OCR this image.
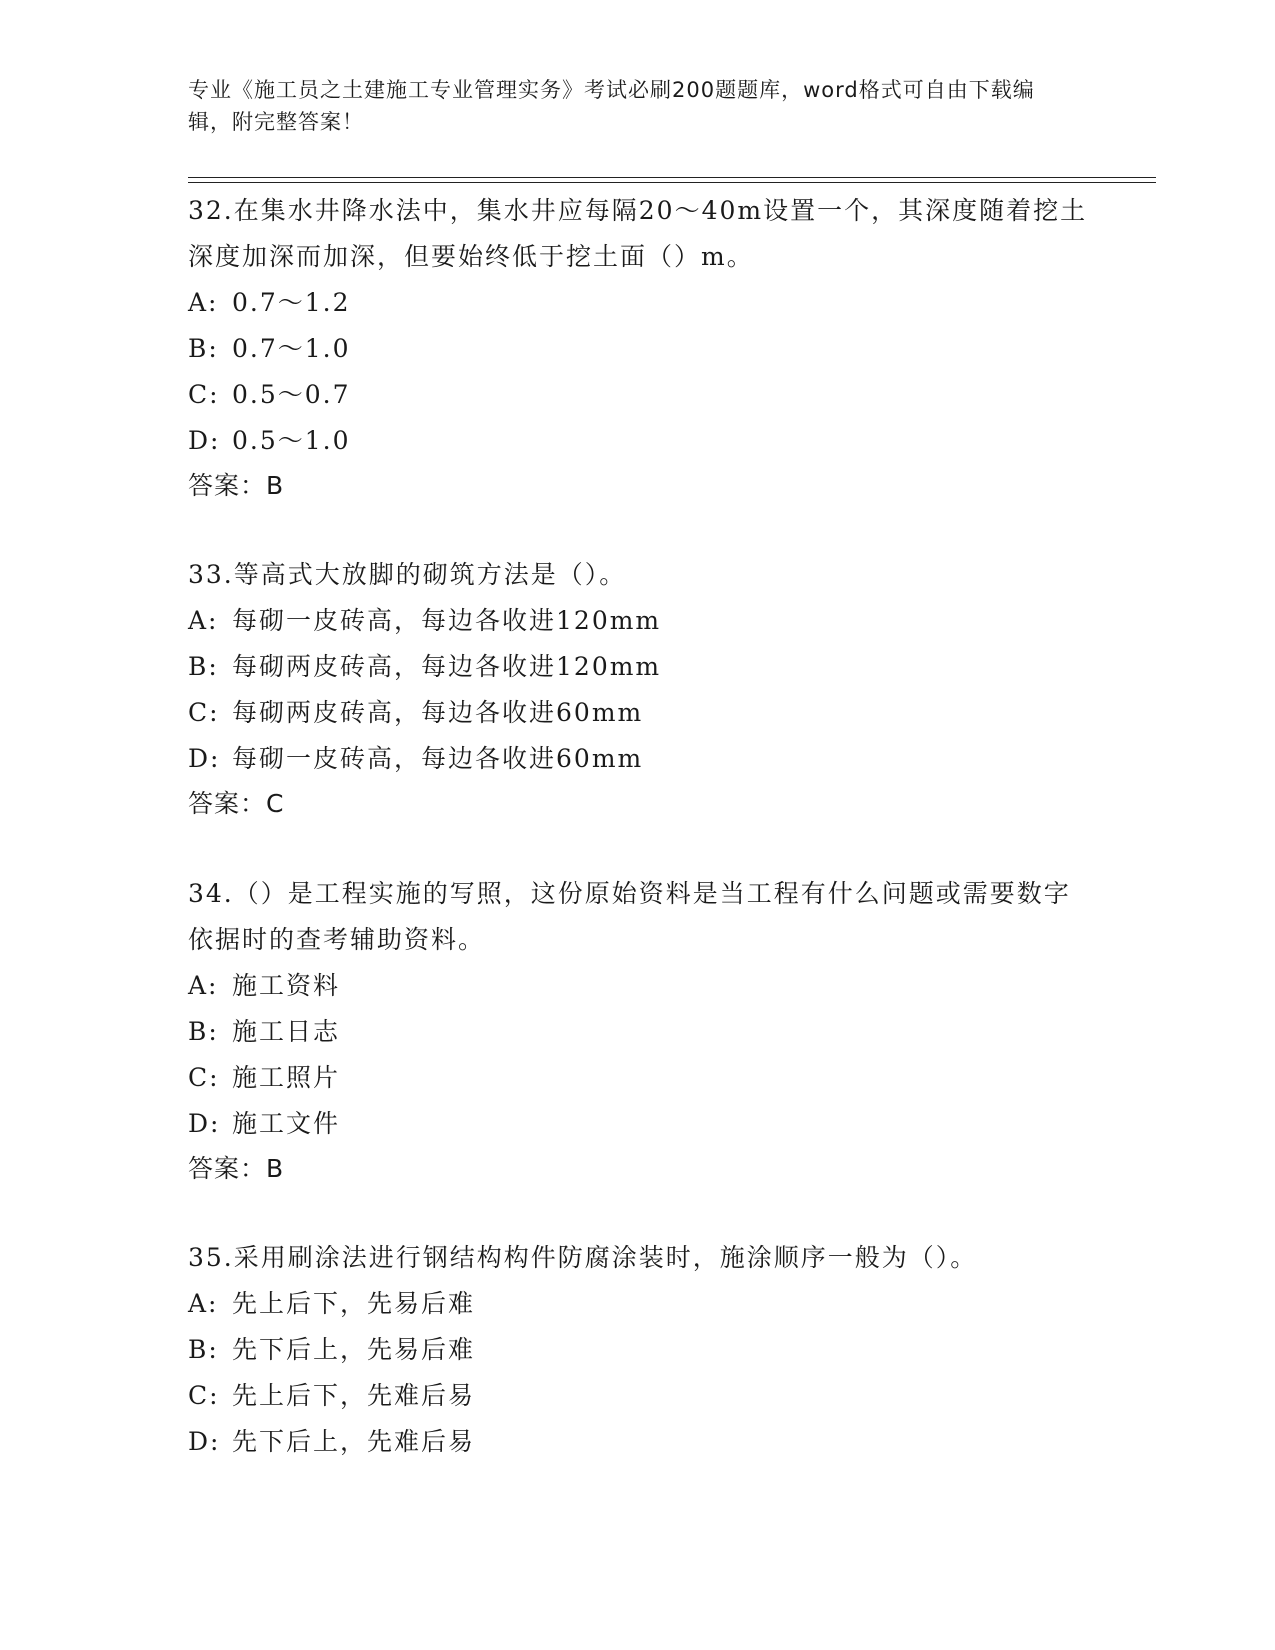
专业《施工员之土建施工专业管理实务》考试必刷200题题库，word格式可自由下载编辑，附完整答案！

32.在集水井降水法中，集水井应每隔20～40m设置一个，其深度随着挖土深度加深而加深，但要始终低于挖土面（）m。

A: 0.7～1.2

B: 0.7～1.0

C: 0.5～0.7

D: 0.5～1.0

答案：B

33.等高式大放脚的砌筑方法是（）。

A: 每砌一皮砖高，每边各收进120mm

B: 每砌两皮砖高，每边各收进120mm

C: 每砌两皮砖高，每边各收进60mm

D: 每砌一皮砖高，每边各收进60mm

答案：C

34.（）是工程实施的写照，这份原始资料是当工程有什么问题或需要数字依据时的查考辅助资料。

A: 施工资料

B: 施工日志

C: 施工照片

D: 施工文件

答案：B

35.采用刷涂法进行钢结构构件防腐涂装时，施涂顺序一般为（）。

A: 先上后下，先易后难

B: 先下后上，先易后难

C: 先上后下，先难后易

D: 先下后上，先难后易
